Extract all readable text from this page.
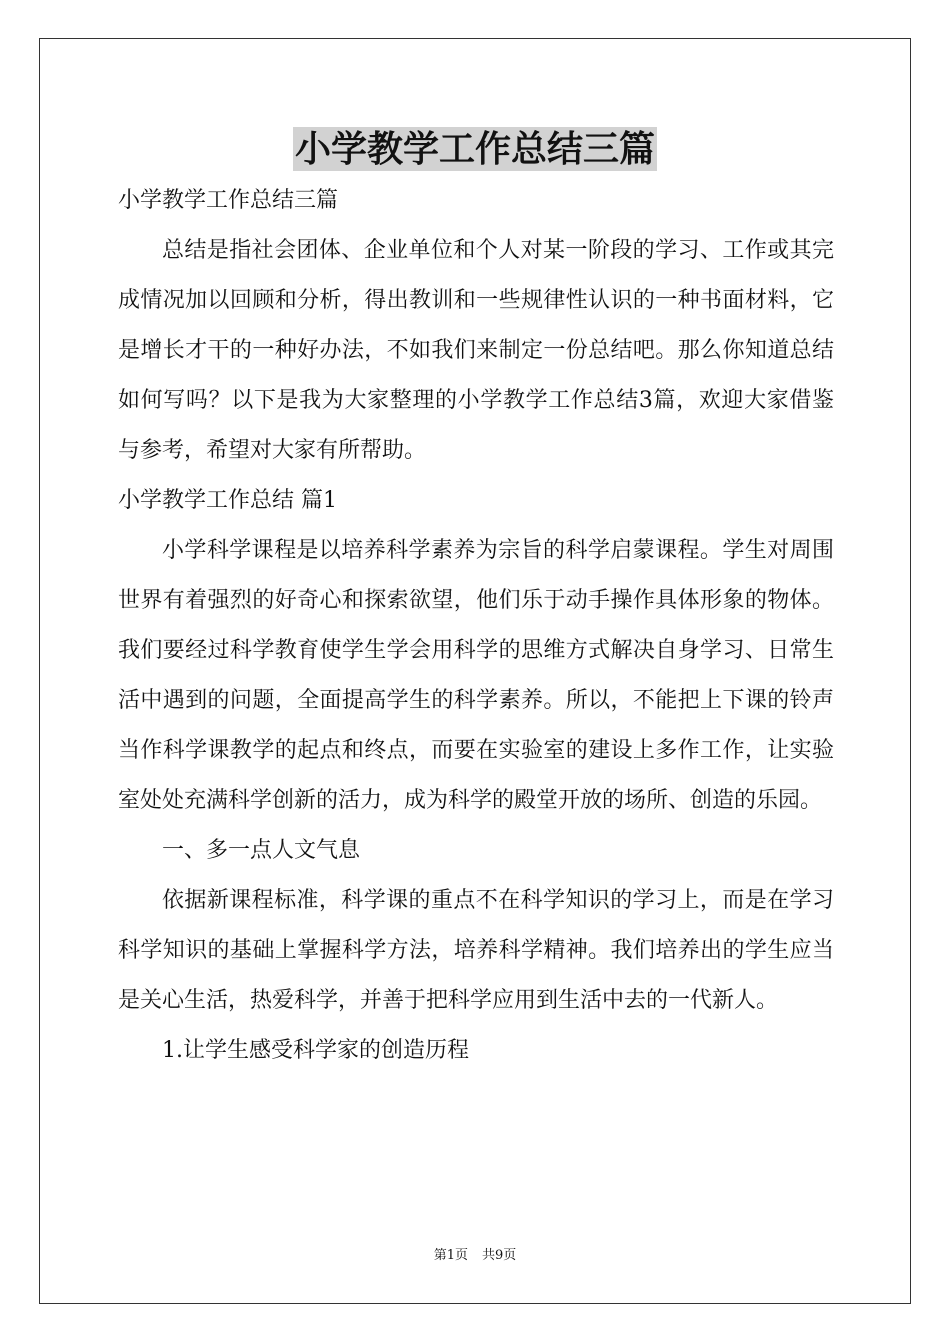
小学教学工作总结三篇

小学教学工作总结三篇

总结是指社会团体、企业单位和个人对某一阶段的学习、工作或其完成情况加以回顾和分析，得出教训和一些规律性认识的一种书面材料，它是增长才干的一种好办法，不如我们来制定一份总结吧。那么你知道总结如何写吗？以下是我为大家整理的小学教学工作总结3篇，欢迎大家借鉴与参考，希望对大家有所帮助。

小学教学工作总结 篇1

小学科学课程是以培养科学素养为宗旨的科学启蒙课程。学生对周围世界有着强烈的好奇心和探索欲望，他们乐于动手操作具体形象的物体。我们要经过科学教育使学生学会用科学的思维方式解决自身学习、日常生活中遇到的问题，全面提高学生的科学素养。所以，不能把上下课的铃声当作科学课教学的起点和终点，而要在实验室的建设上多作工作，让实验室处处充满科学创新的活力，成为科学的殿堂开放的场所、创造的乐园。

一、多一点人文气息

依据新课程标准，科学课的重点不在科学知识的学习上，而是在学习科学知识的基础上掌握科学方法，培养科学精神。我们培养出的学生应当是关心生活，热爱科学，并善于把科学应用到生活中去的一代新人。

1.让学生感受科学家的创造历程

第1页 共9页
